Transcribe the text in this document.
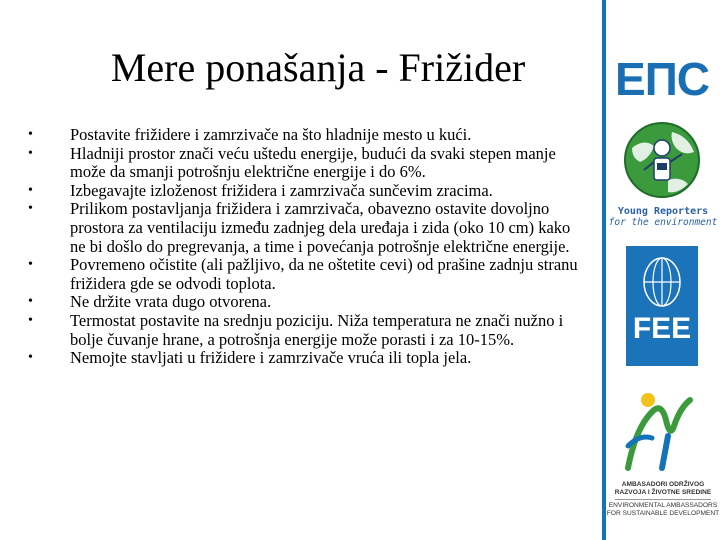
Mere ponašanja - Frižider
• Postavite frižidere i zamrzivače na što hladnije mesto u kući.
• Hladniji prostor znači veću uštedu energije, budući da svaki stepen manje može da smanji potrošnju električne energije i do 6%.
• Izbegavajte izloženost frižidera i zamrzivača sunčevim zracima.
• Prilikom postavljanja frižidera i zamrzivača, obavezno ostavite dovoljno prostora za ventilaciju između zadnjeg dela uređaja i zida (oko 10 cm) kako ne bi došlo do pregrevanja, a time i povećanja potrošnje električne energije.
• Povremeno očistite (ali pažljivo, da ne oštetite cevi) od prašine zadnju stranu frižidera gde se odvodi toplota.
• Ne držite vrata dugo otvorena.
• Termostat postavite na srednju poziciju. Niža temperatura ne znači nužno i bolje čuvanje hrane, a potrošnja energije može porasti i za 10-15%.
• Nemojte stavljati u frižidere i zamrzivače vruća ili topla jela.
ЕПС
Young Reporters
for the environment
FEE
AMBASADORI ODRŽIVOG
RAZVOJA I ŽIVOTNE SREDINE
ENVIRONMENTAL AMBASSADORS
FOR SUSTAINABLE DEVELOPMENT
